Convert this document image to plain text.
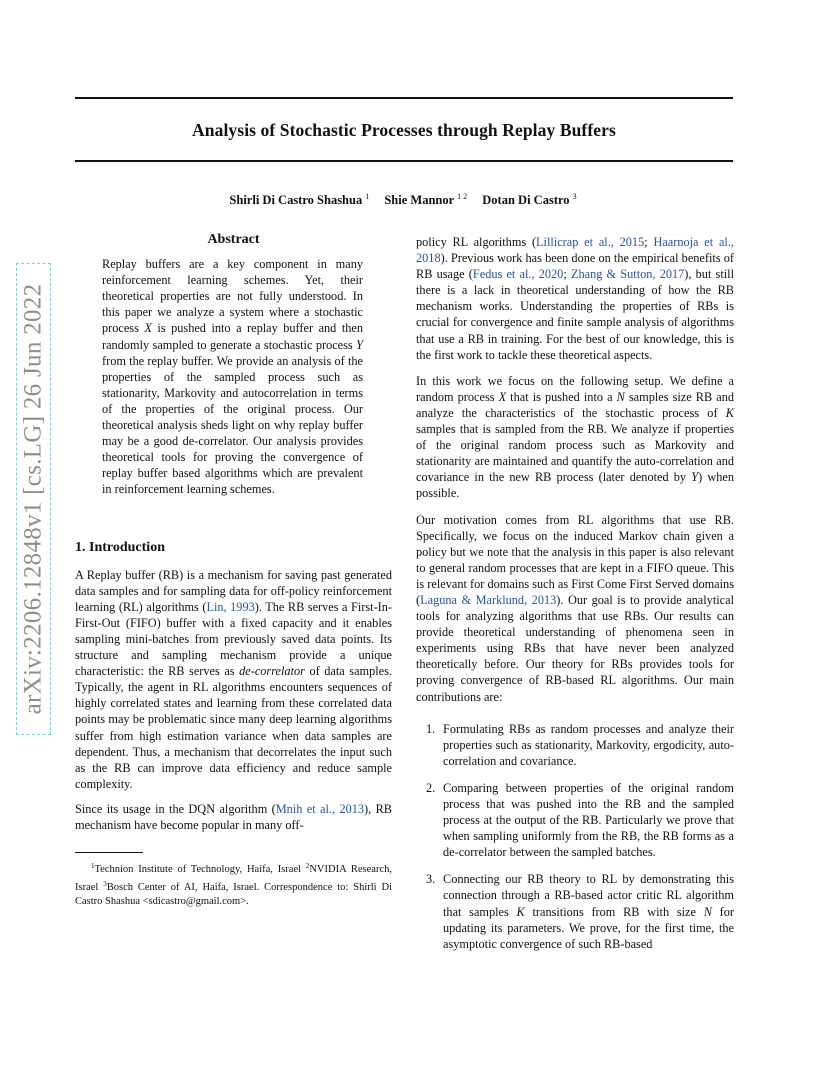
Analysis of Stochastic Processes through Replay Buffers
Shirli Di Castro Shashua $^1$ Shie Mannor $^{1 2}$ Dotan Di Castro $^3$
arXiv:2206.12848v1 [cs.LG] 26 Jun 2022
Abstract
Replay buffers are a key component in many reinforcement learning schemes. Yet, their theoretical properties are not fully understood. In this paper we analyze a system where a stochastic process X is pushed into a replay buffer and then randomly sampled to generate a stochastic process Y from the replay buffer. We provide an analysis of the properties of the sampled process such as stationarity, Markovity and autocorrelation in terms of the properties of the original process. Our theoretical analysis sheds light on why replay buffer may be a good de-correlator. Our analysis provides theoretical tools for proving the convergence of replay buffer based algorithms which are prevalent in reinforcement learning schemes.
1. Introduction

A Replay buffer (RB) is a mechanism for saving past generated data samples and for sampling data for off-policy reinforcement learning (RL) algorithms (Lin, 1993). The RB serves a First-In-First-Out (FIFO) buffer with a fixed capacity and it enables sampling mini-batches from previously saved data points. Its structure and sampling mechanism provide a unique characteristic: the RB serves as de-correlator of data samples. Typically, the agent in RL algorithms encounters sequences of highly correlated states and learning from these correlated data points may be problematic since many deep learning algorithms suffer from high estimation variance when data samples are dependent. Thus, a mechanism that decorrelates the input such as the RB can improve data efficiency and reduce sample complexity.

Since its usage in the DQN algorithm (Mnih et al., 2013), RB mechanism have become popular in many off-

$^1$Technion Institute of Technology, Haifa, Israel $^2$NVIDIA Research, Israel $^3$Bosch Center of AI, Haifa, Israel. Correspondence to: Shirli Di Castro Shashua <sdicastro@gmail.com>.

policy RL algorithms (Lillicrap et al., 2015; Haarnoja et al., 2018). Previous work has been done on the empirical benefits of RB usage (Fedus et al., 2020; Zhang & Sutton, 2017), but still there is a lack in theoretical understanding of how the RB mechanism works. Understanding the properties of RBs is crucial for convergence and finite sample analysis of algorithms that use a RB in training. For the best of our knowledge, this is the first work to tackle these theoretical aspects.

In this work we focus on the following setup. We define a random process X that is pushed into a N samples size RB and analyze the characteristics of the stochastic process of K samples that is sampled from the RB. We analyze if properties of the original random process such as Markovity and stationarity are maintained and quantify the auto-correlation and covariance in the new RB process (later denoted by Y) when possible.

Our motivation comes from RL algorithms that use RB. Specifically, we focus on the induced Markov chain given a policy but we note that the analysis in this paper is also relevant to general random processes that are kept in a FIFO queue. This is relevant for domains such as First Come First Served domains (Laguna & Marklund, 2013). Our goal is to provide analytical tools for analyzing algorithms that use RBs. Our results can provide theoretical understanding of phenomena seen in experiments using RBs that have never been analyzed theoretically before. Our theory for RBs provides tools for proving convergence of RB-based RL algorithms. Our main contributions are:

1. Formulating RBs as random processes and analyze their properties such as stationarity, Markovity, ergodicity, auto-correlation and covariance.
2. Comparing between properties of the original random process that was pushed into the RB and the sampled process at the output of the RB. Particularly we prove that when sampling uniformly from the RB, the RB forms as a de-correlator between the sampled batches.
3. Connecting our RB theory to RL by demonstrating this connection through a RB-based actor critic RL algorithm that samples K transitions from RB with size N for updating its parameters. We prove, for the first time, the asymptotic convergence of such RB-based
